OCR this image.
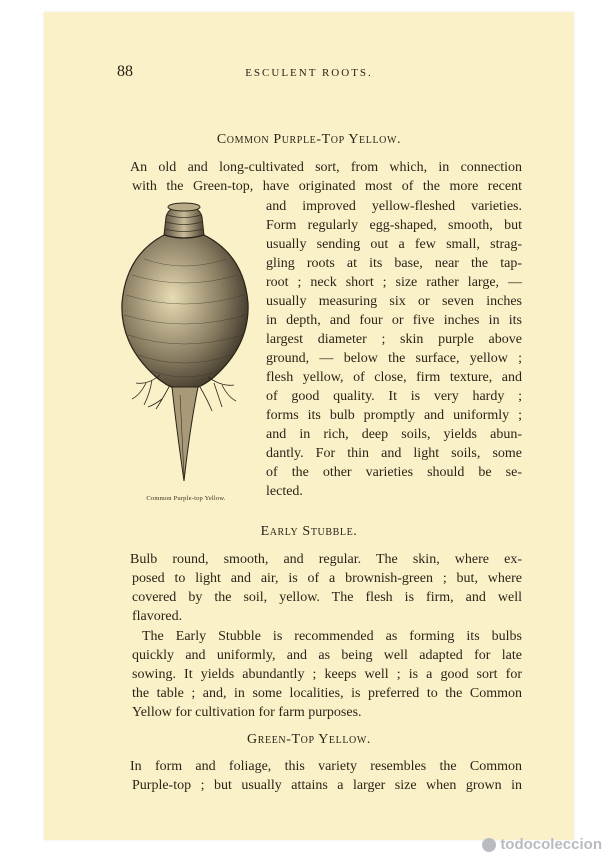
88	ESCULENT ROOTS.
Common Purple-Top Yellow.
An old and long-cultivated sort, from which, in connection
with the Green-top, have originated most of the more recent
and improved yellow-fleshed varieties.
Form regularly egg-shaped, smooth, but
usually sending out a few small, strag-
gling roots at its base, near the tap-
root ; neck short ; size rather large, —
usually measuring six or seven inches
in depth, and four or five inches in its
largest diameter ; skin purple above
ground, — below the surface, yellow ;
flesh yellow, of close, firm texture, and
of good quality. It is very hardy ;
forms its bulb promptly and uniformly ;
and in rich, deep soils, yields abun-
dantly. For thin and light soils, some
of the other varieties should be se-
lected.
Common Purple-top Yellow.
Early Stubble.
Bulb round, smooth, and regular. The skin, where ex-
posed to light and air, is of a brownish-green ; but, where
covered by the soil, yellow. The flesh is firm, and well
flavored.
The Early Stubble is recommended as forming its bulbs
quickly and uniformly, and as being well adapted for late
sowing. It yields abundantly ; keeps well ; is a good sort for
the table ; and, in some localities, is preferred to the Common
Yellow for cultivation for farm purposes.
Green-Top Yellow.
In form and foliage, this variety resembles the Common
Purple-top ; but usually attains a larger size when grown in
todocoleccion
